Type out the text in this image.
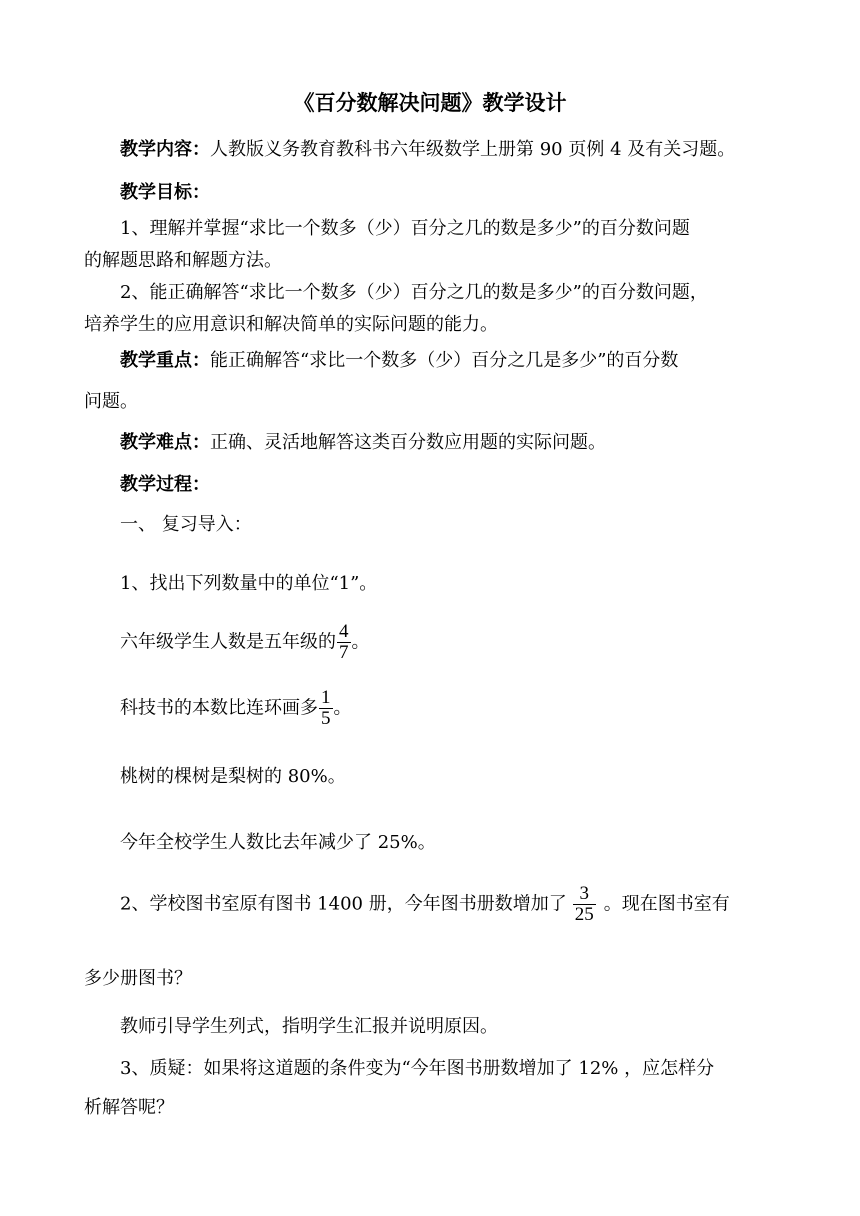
《百分数解决问题》教学设计
教学内容：人教版义务教育教科书六年级数学上册第 90 页例 4 及有关习题。
教学目标：
1、理解并掌握“求比一个数多（少）百分之几的数是多少”的百分数问题
的解题思路和解题方法。
2、能正确解答“求比一个数多（少）百分之几的数是多少”的百分数问题，
培养学生的应用意识和解决简单的实际问题的能力。
教学重点：能正确解答“求比一个数多（少）百分之几是多少”的百分数
问题。
教学难点：正确、灵活地解答这类百分数应用题的实际问题。
教学过程：
一、 复习导入：
1、找出下列数量中的单位“1”。
六年级学生人数是五年级的 $\frac{4}{7}$ 。
科技书的本数比连环画多 $\frac{1}{5}$ 。
桃树的棵树是梨树的 80%。
今年全校学生人数比去年减少了 25%。
2、学校图书室原有图书 1400 册，今年图书册数增加了 $\frac{3}{25}$ 。现在图书室有
多少册图书？
教师引导学生列式，指明学生汇报并说明原因。
3、质疑：如果将这道题的条件变为“今年图书册数增加了 12% ，应怎样分
析解答呢？
